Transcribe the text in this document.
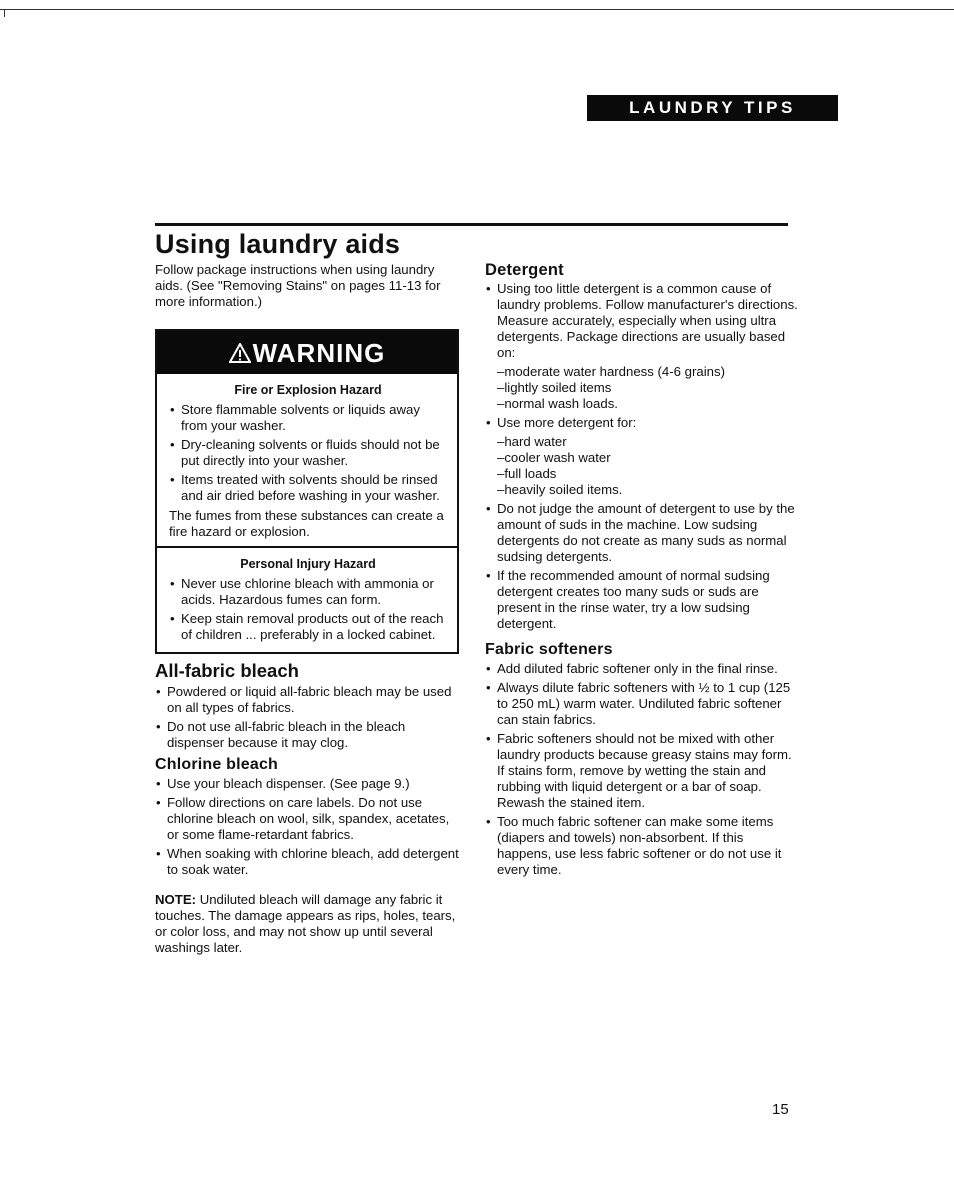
LAUNDRY TIPS
Using laundry aids

Follow package instructions when using laundry aids. (See "Removing Stains" on pages 11-13 for more information.)

WARNING
Fire or Explosion Hazard
• Store flammable solvents or liquids away from your washer.
• Dry-cleaning solvents or fluids should not be put directly into your washer.
• Items treated with solvents should be rinsed and air dried before washing in your washer.

The fumes from these substances can create a fire hazard or explosion.

Personal Injury Hazard
• Never use chlorine bleach with ammonia or acids. Hazardous fumes can form.
• Keep stain removal products out of the reach of children ... preferably in a locked cabinet.
All-fabric bleach
• Powdered or liquid all-fabric bleach may be used on all types of fabrics.
• Do not use all-fabric bleach in the bleach dispenser because it may clog.
Chlorine bleach
• Use your bleach dispenser. (See page 9.)
• Follow directions on care labels. Do not use chlorine bleach on wool, silk, spandex, acetates, or some flame-retardant fabrics.
• When soaking with chlorine bleach, add detergent to soak water.

NOTE: Undiluted bleach will damage any fabric it touches. The damage appears as rips, holes, tears, or color loss, and may not show up until several washings later.

Detergent
• Using too little detergent is a common cause of laundry problems. Follow manufacturer's directions. Measure accurately, especially when using ultra detergents. Package directions are usually based on:
–moderate water hardness (4-6 grains)
–lightly soiled items
–normal wash loads.
• Use more detergent for:
–hard water
–cooler wash water
–full loads
–heavily soiled items.
• Do not judge the amount of detergent to use by the amount of suds in the machine. Low sudsing detergents do not create as many suds as normal sudsing detergents.
• If the recommended amount of normal sudsing detergent creates too many suds or suds are present in the rinse water, try a low sudsing detergent.
Fabric softeners
• Add diluted fabric softener only in the final rinse.
• Always dilute fabric softeners with ½ to 1 cup (125 to 250 mL) warm water. Undiluted fabric softener can stain fabrics.
• Fabric softeners should not be mixed with other laundry products because greasy stains may form. If stains form, remove by wetting the stain and rubbing with liquid detergent or a bar of soap. Rewash the stained item.
• Too much fabric softener can make some items (diapers and towels) non-absorbent. If this happens, use less fabric softener or do not use it every time.
15
